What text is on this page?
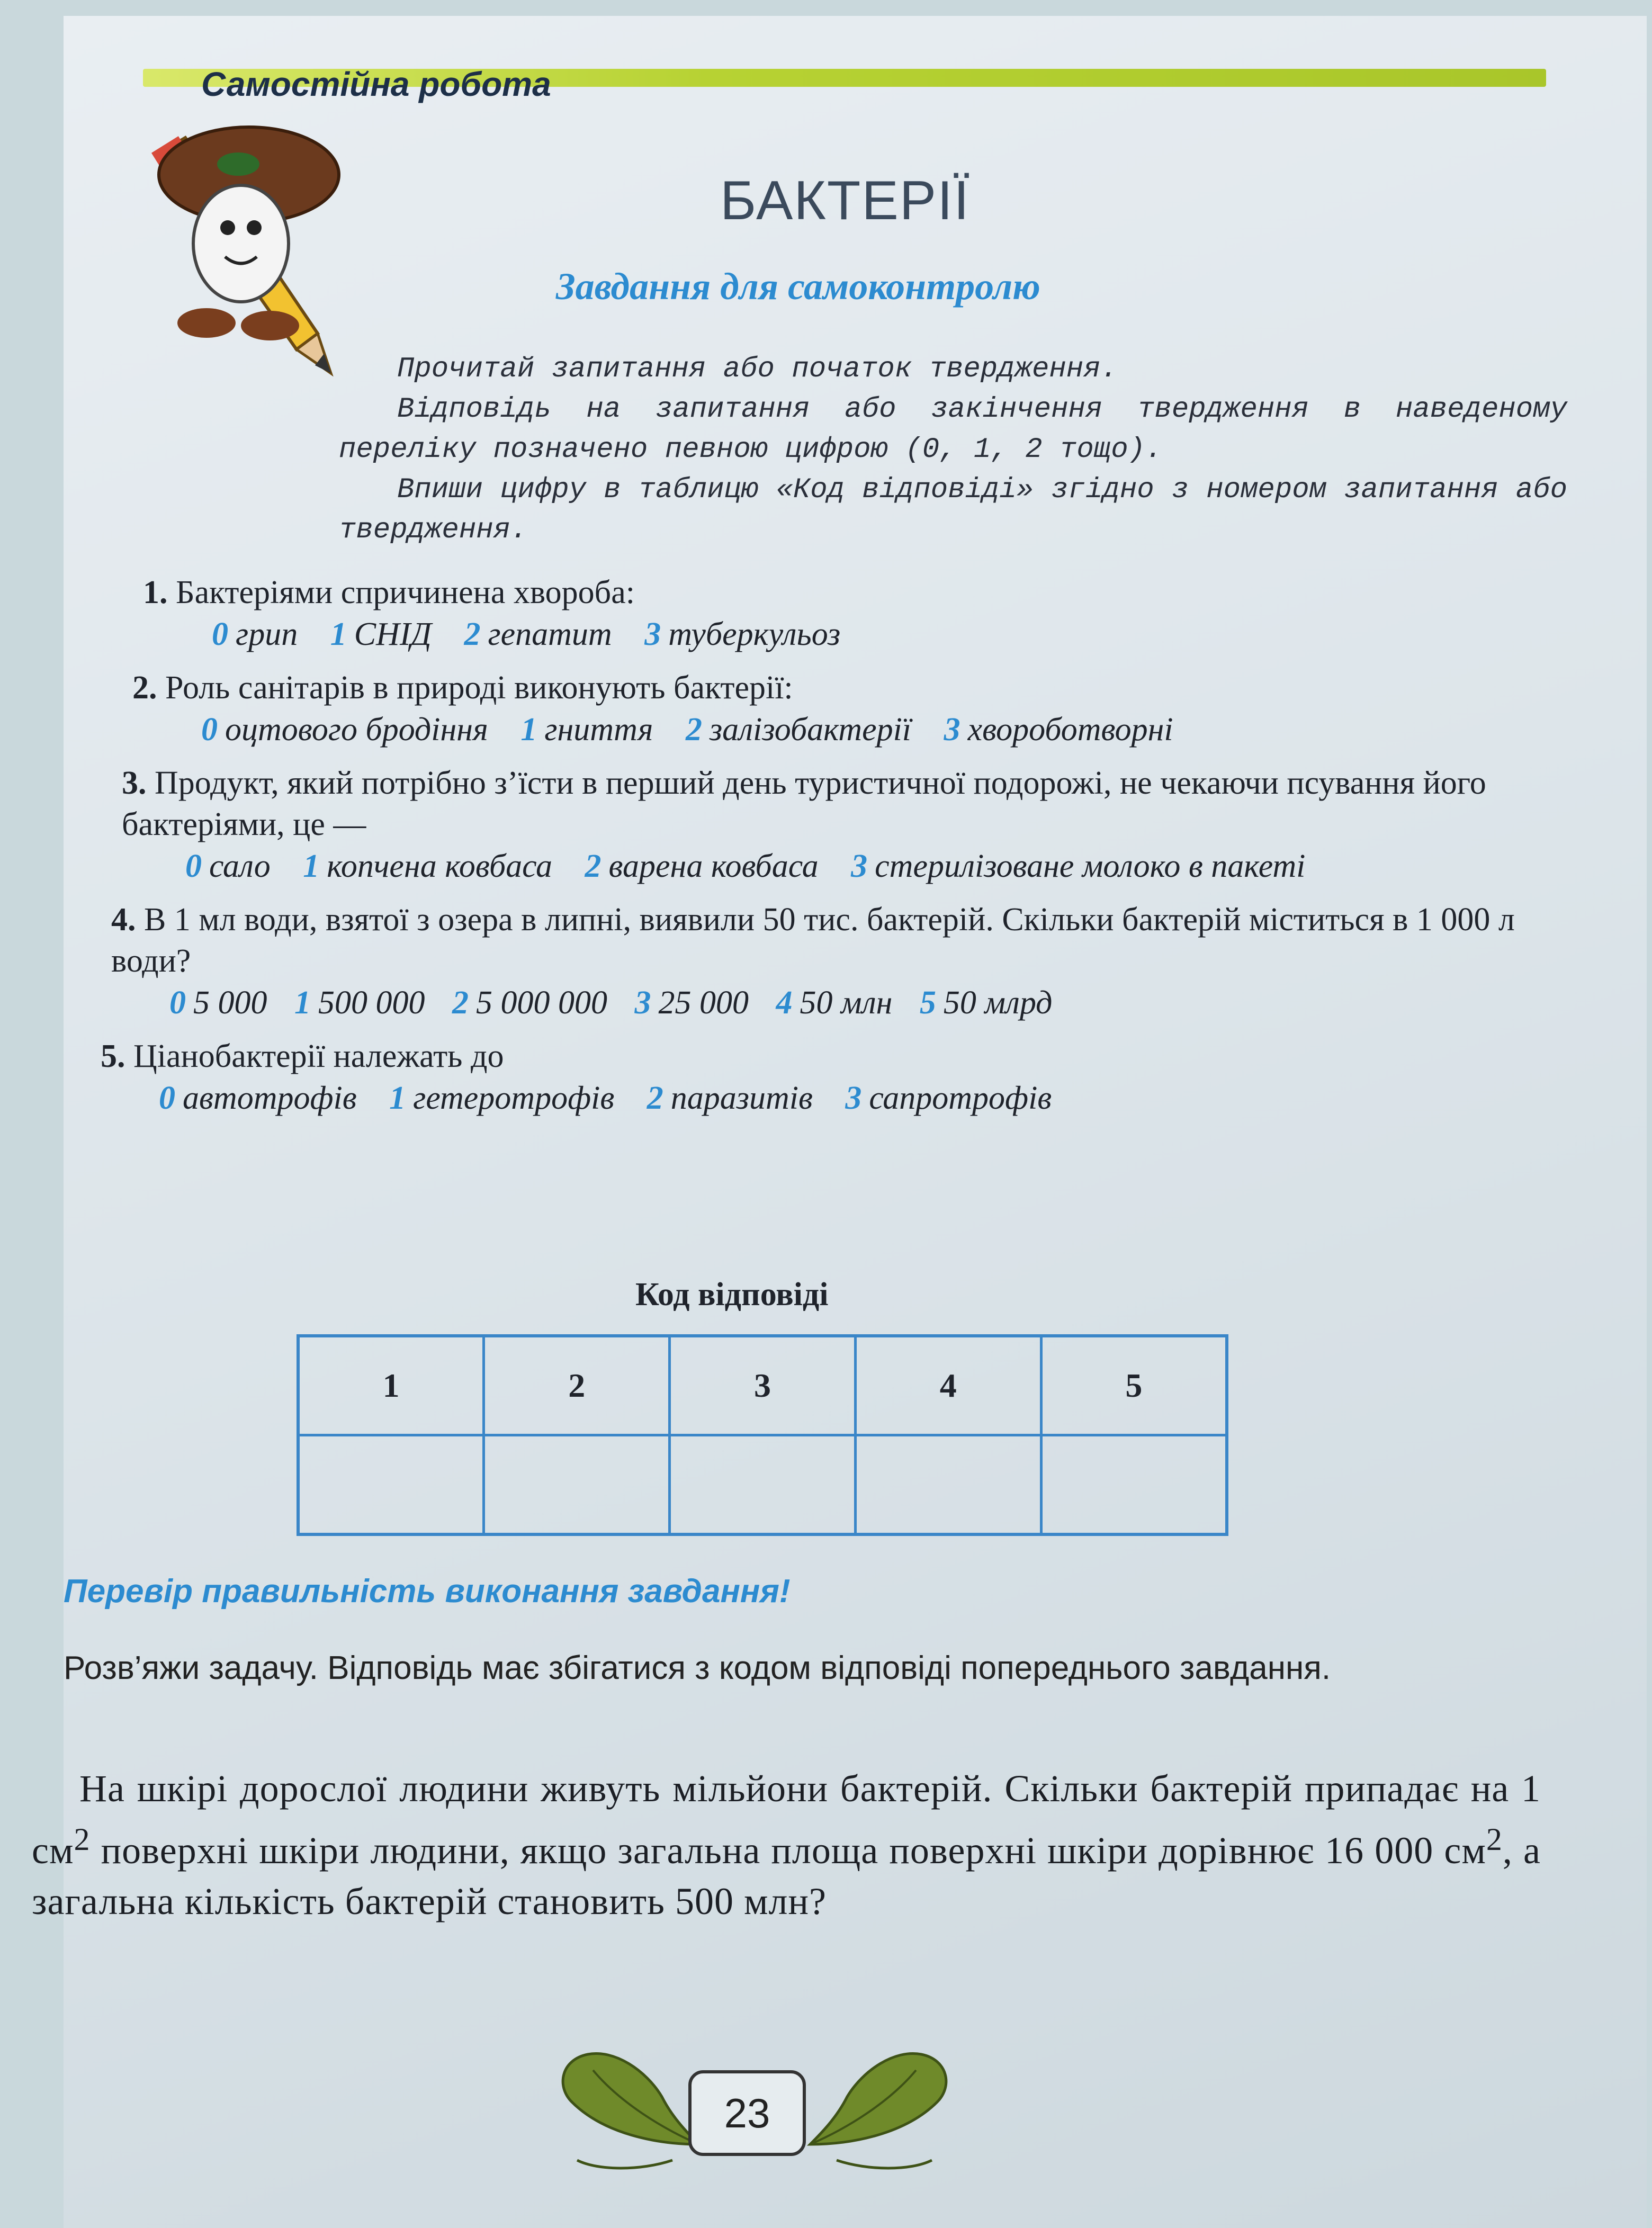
Самостійна робота
БАКТЕРІЇ
Завдання для самоконтролю

Прочитай запитання або початок твердження.

Відповідь на запитання або закінчення твердження в наведеному переліку позначено певною цифрою (0, 1, 2 тощо).

Впиши цифру в таблицю «Код відповіді» згідно з номером запитання або твердження.

1. Бактеріями спричинена хвороба:
0 грип 1 СНІД 2 гепатит 3 туберкульоз
2. Роль санітарів в природі виконують бактерії:
0 оцтового бродіння 1 гниття 2 залізобактерії 3 хвороботворні
3. Продукт, який потрібно з’їсти в перший день туристичної подорожі, не чекаючи псування його бактеріями, це —
0 сало 1 копчена ковбаса 2 варена ковбаса 3 стерилізоване молоко в пакеті
4. В 1 мл води, взятої з озера в липні, виявили 50 тис. бактерій. Скільки бактерій міститься в 1 000 л води?
0 5 000 1 500 000 2 5 000 000 3 25 000 4 50 млн 5 50 млрд
5. Ціанобактерії належать до
0 автотрофів 1 гетеротрофів 2 паразитів 3 сапротрофів
Код відповіді
1	2	3	4	5

Перевір правильність виконання завдання!
Розв’яжи задачу. Відповідь має збігатися з кодом відповіді попереднього завдання.

На шкірі дорослої людини живуть мільйони бактерій. Скільки бактерій припадає на 1 $см^2$ поверхні шкіри людини, якщо загальна площа поверхні шкіри дорівнює 16 000 $см^2$, а загальна кількість бактерій становить 500 млн?

23
